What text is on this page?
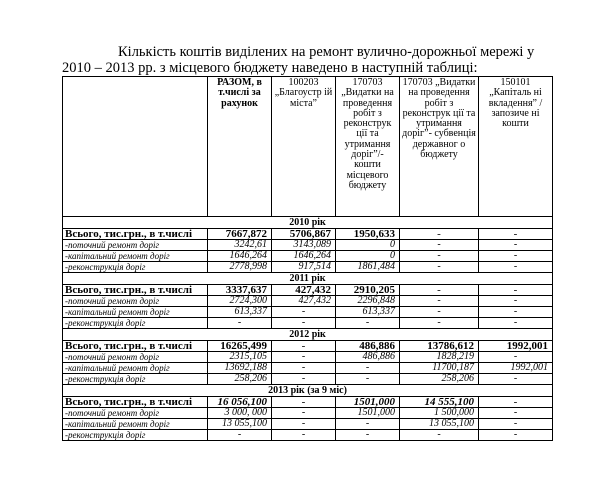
Кількість коштів виділених на ремонт вулично-дорожньої мережі у
2010 – 2013 рр. з місцевого бюджету наведено в наступній таблиці:
	РАЗОМ, в т.числі за рахунок	100203 „Благоустр ій міста”	170703 „Видатки на проведення робіт з реконструк ції та утримання доріг”/- кошти місцевого бюджету	170703 „Видатки на проведення робіт з реконструк ції та утримання доріг”- субвенція державног о бюджету	150101 „Капіталь ні вкладення” /запозиче ні кошти
2010 рік					
Всього, тис.грн., в т.числі	7667,872	5706,867	1950,633	-	-
-поточний ремонт доріг	3242,61	3143,089	0	-	-
-капітальний ремонт доріг	1646,264	1646,264	0	-	-
-реконструкція доріг	2778,998	917,514	1861,484	-	-
2011 рік					
Всього, тис.грн., в т.числі	3337,637	427,432	2910,205	-	-
-поточний ремонт доріг	2724,300	427,432	2296,848	-	-
-капітальний ремонт доріг	613,337	-	613,337	-	-
-реконструкція доріг	-	-	-	-	-
2012 рік					
Всього, тис.грн., в т.числі	16265,499	-	486,886	13786,612	1992,001
-поточний ремонт доріг	2315,105	-	486,886	1828,219	-
-капітальний ремонт доріг	13692,188	-	-	11700,187	1992,001
-реконструкція доріг	258,206	-	-	258,206	-
2013 рік (за 9 міс)					
Всього, тис.грн., в т.числі	16 056,100	-	1501,000	14 555,100	-
-поточний ремонт доріг	3 000, 000	-	1501,000	1 500,000	-
-капітальний ремонт доріг	13 055,100	-	-	13 055,100	-
-реконструкція доріг	-	-	-	-	-
